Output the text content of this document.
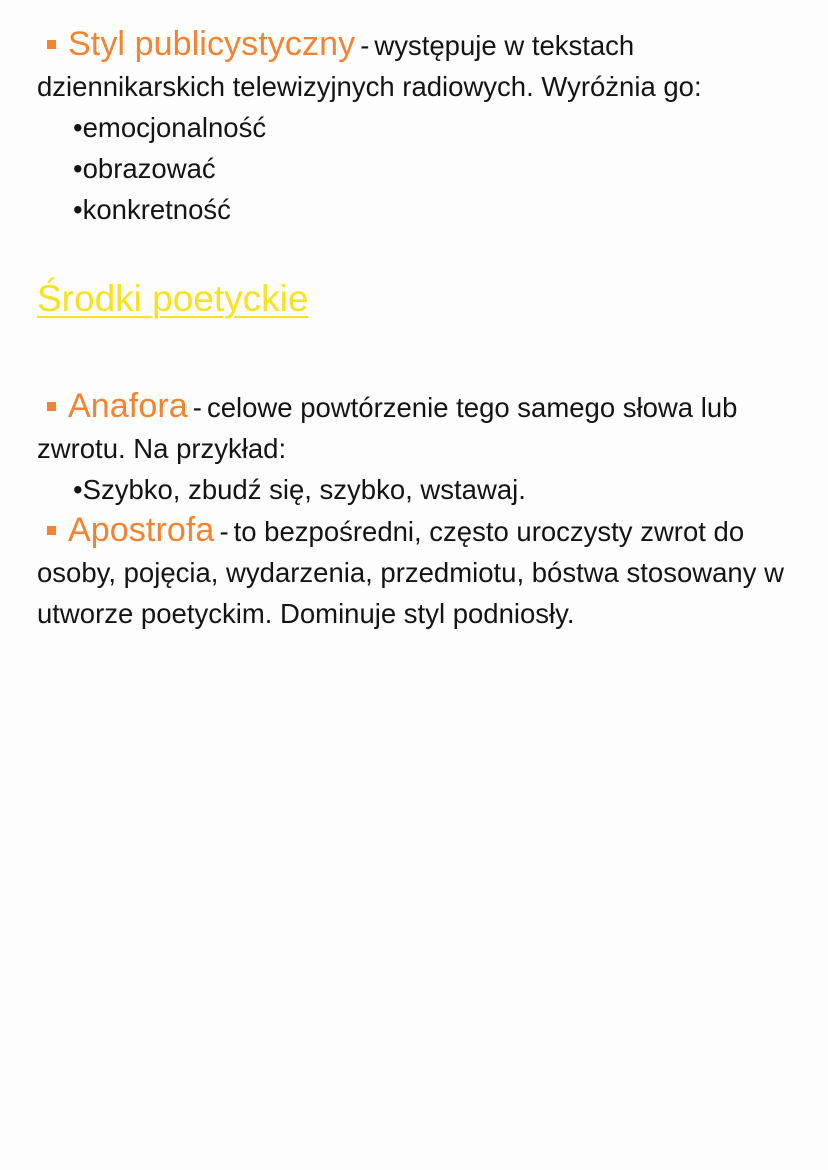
Styl publicystyczny - występuje w tekstach dziennikarskich telewizyjnych radiowych. Wyróżnia go:

•emocjonalność
•obrazować
•konkretność
Środki poetyckie

Anafora - celowe powtórzenie tego samego słowa lub zwrotu. Na przykład:

•Szybko, zbudź się, szybko, wstawaj.

Apostrofa - to bezpośredni, często uroczysty zwrot do osoby, pojęcia, wydarzenia, przedmiotu, bóstwa stosowany w utworze poetyckim. Dominuje styl podniosły.
